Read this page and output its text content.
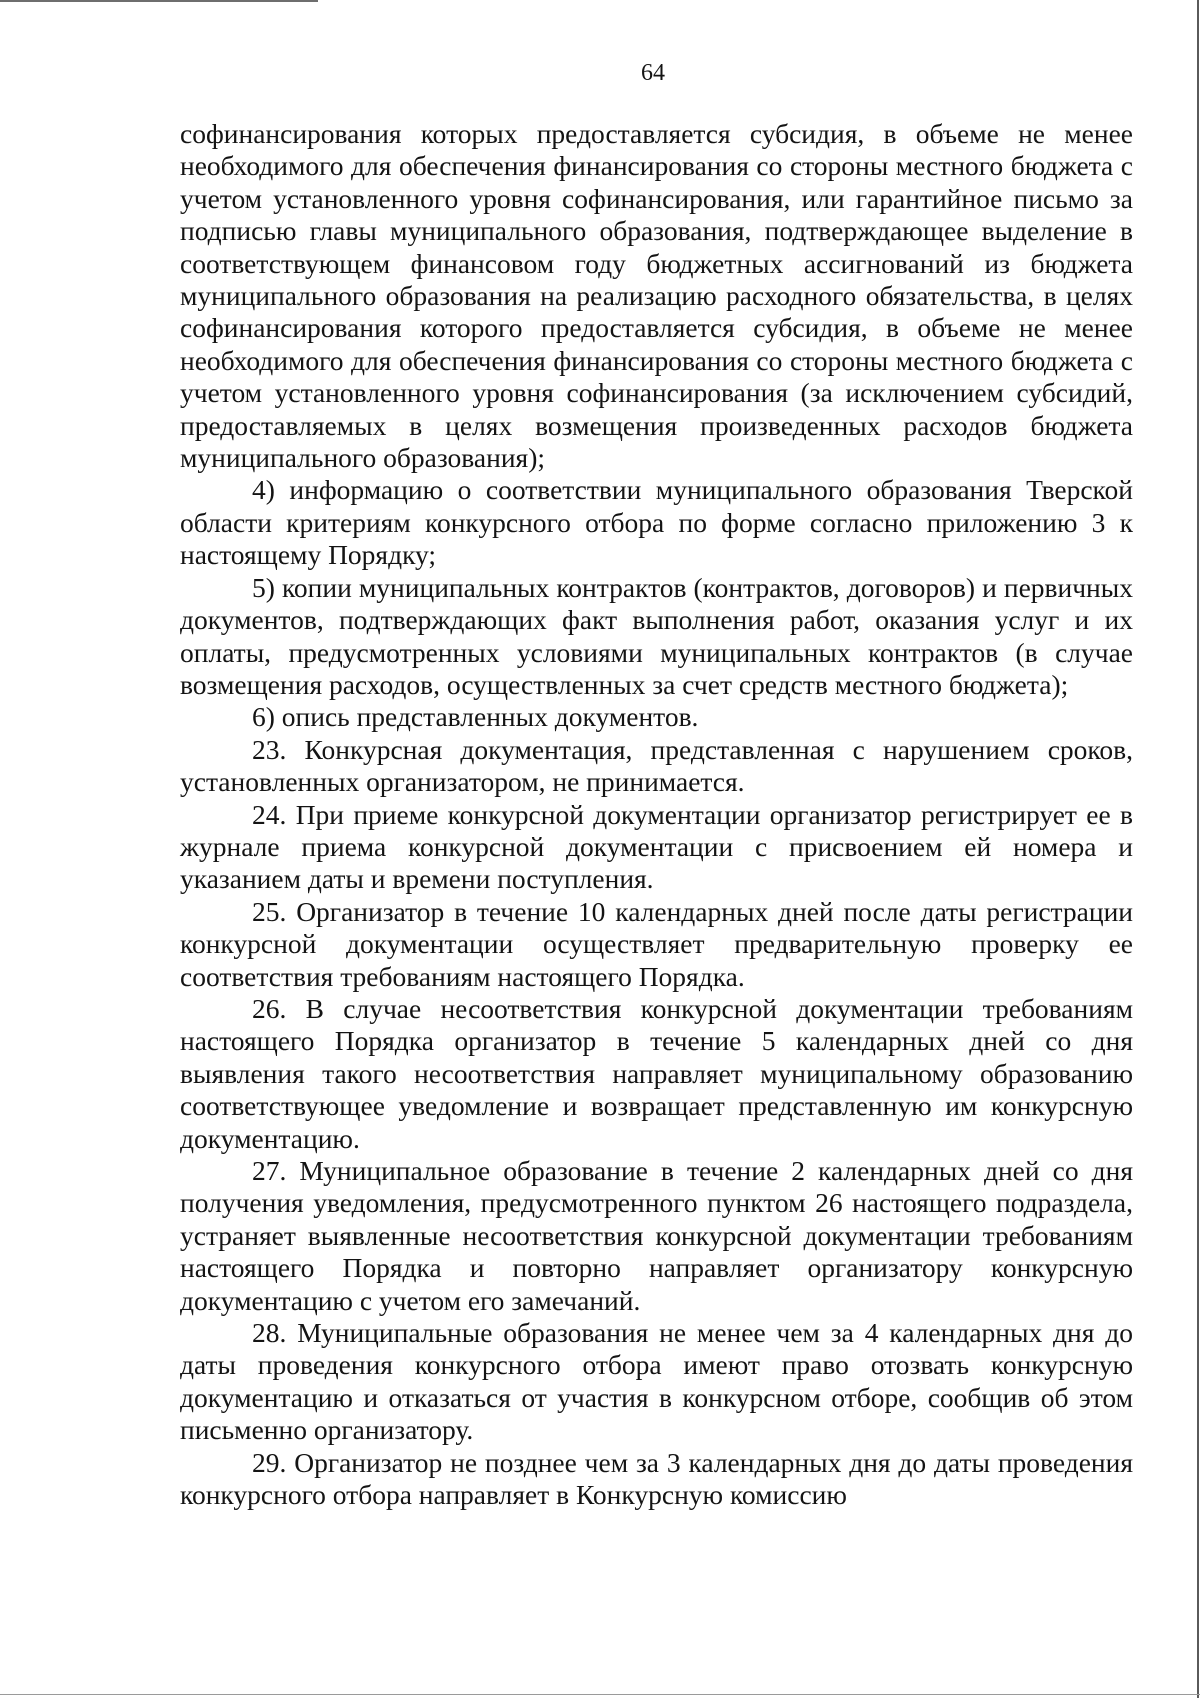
64

софинансирования которых предоставляется субсидия, в объеме не менее необходимого для обеспечения финансирования со стороны местного бюджета с учетом установленного уровня софинансирования, или гарантийное письмо за подписью главы муниципального образования, подтверждающее выделение в соответствующем финансовом году бюджетных ассигнований из бюджета муниципального образования на реализацию расходного обязательства, в целях софинансирования которого предоставляется субсидия, в объеме не менее необходимого для обеспечения финансирования со стороны местного бюджета с учетом установленного уровня софинансирования (за исключением субсидий, предоставляемых в целях возмещения произведенных расходов бюджета муниципального образования);

4) информацию о соответствии муниципального образования Тверской области критериям конкурсного отбора по форме согласно приложению 3 к настоящему Порядку;

5) копии муниципальных контрактов (контрактов, договоров) и первичных документов, подтверждающих факт выполнения работ, оказания услуг и их оплаты, предусмотренных условиями муниципальных контрактов (в случае возмещения расходов, осуществленных за счет средств местного бюджета);

6) опись представленных документов.

23. Конкурсная документация, представленная с нарушением сроков, установленных организатором, не принимается.

24. При приеме конкурсной документации организатор регистрирует ее в журнале приема конкурсной документации с присвоением ей номера и указанием даты и времени поступления.

25. Организатор в течение 10 календарных дней после даты регистрации конкурсной документации осуществляет предварительную проверку ее соответствия требованиям настоящего Порядка.

26. В случае несоответствия конкурсной документации требованиям настоящего Порядка организатор в течение 5 календарных дней со дня выявления такого несоответствия направляет муниципальному образованию соответствующее уведомление и возвращает представленную им конкурсную документацию.

27. Муниципальное образование в течение 2 календарных дней со дня получения уведомления, предусмотренного пунктом 26 настоящего подраздела, устраняет выявленные несоответствия конкурсной документации требованиям настоящего Порядка и повторно направляет организатору конкурсную документацию с учетом его замечаний.

28. Муниципальные образования не менее чем за 4 календарных дня до даты проведения конкурсного отбора имеют право отозвать конкурсную документацию и отказаться от участия в конкурсном отборе, сообщив об этом письменно организатору.

29. Организатор не позднее чем за 3 календарных дня до даты проведения конкурсного отбора направляет в Конкурсную комиссию
